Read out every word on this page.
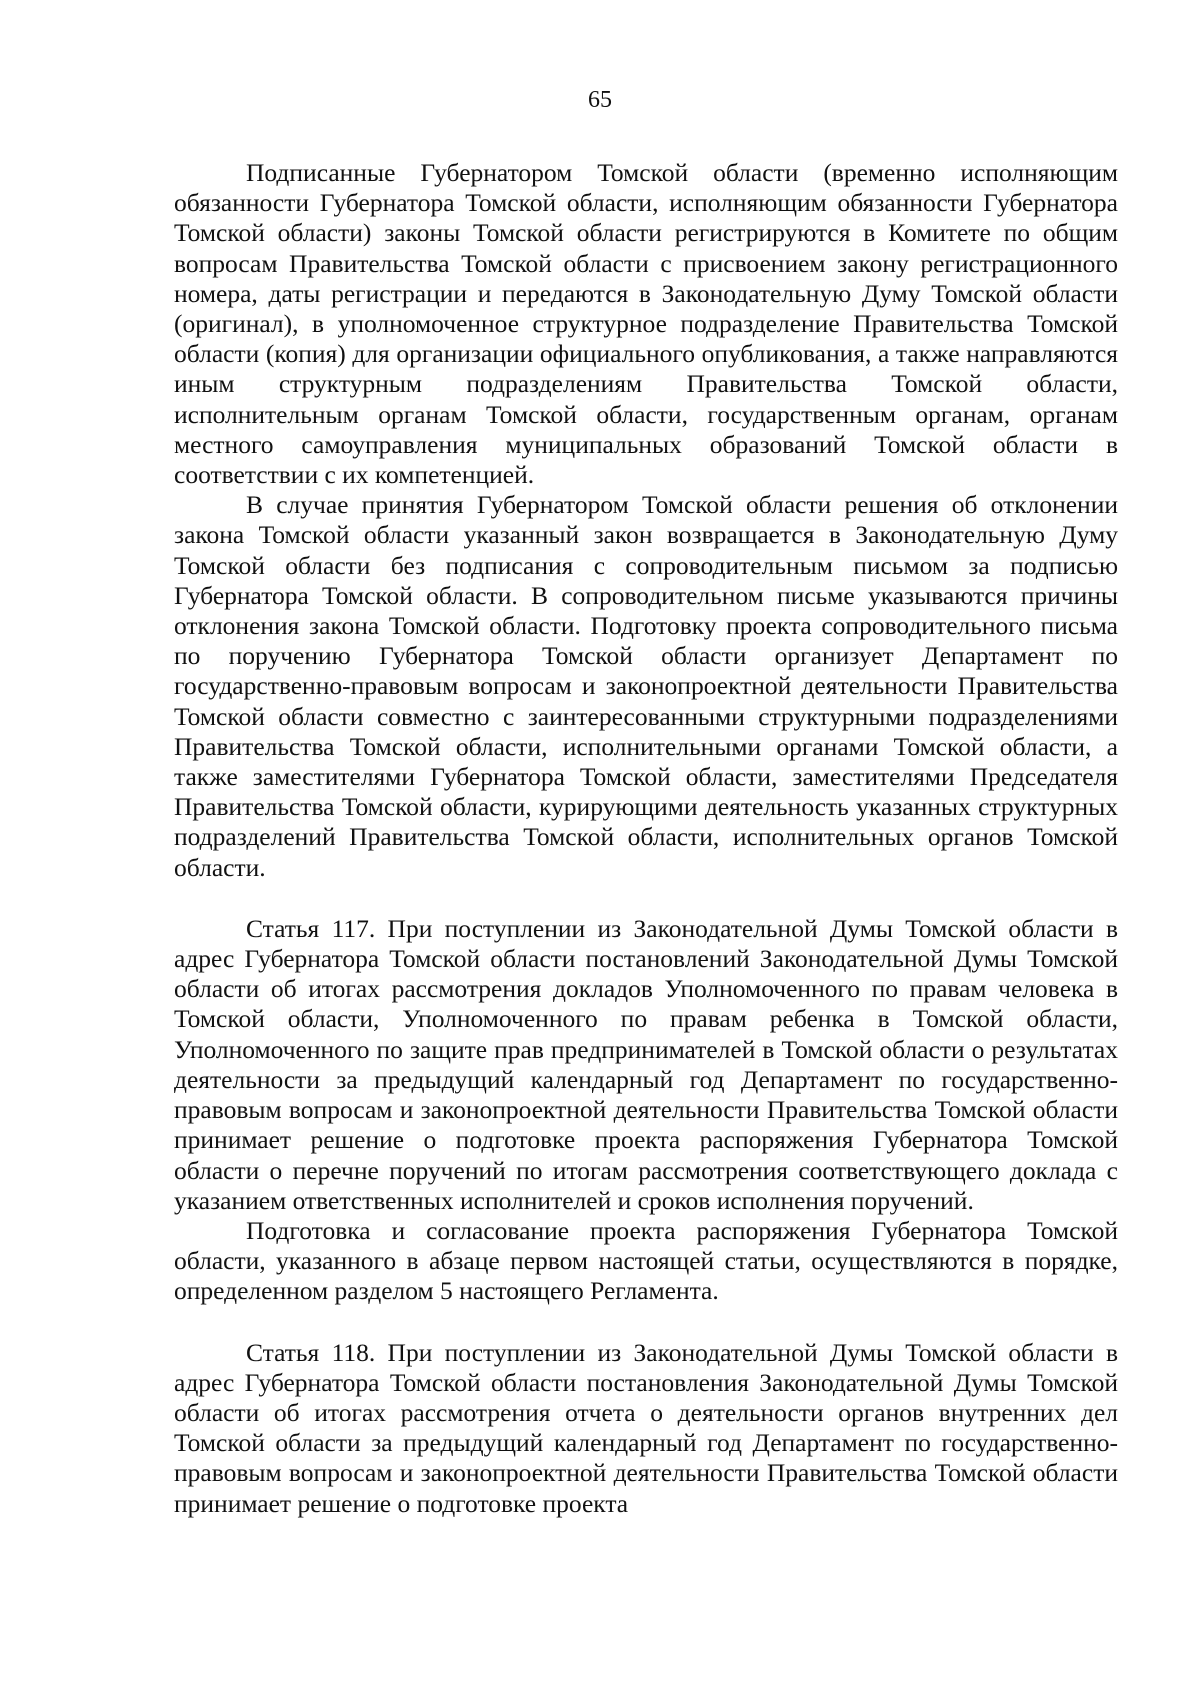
65

Подписанные Губернатором Томской области (временно исполняющим обязанности Губернатора Томской области, исполняющим обязанности Губернатора Томской области) законы Томской области регистрируются в Комитете по общим вопросам Правительства Томской области с присвоением закону регистрационного номера, даты регистрации и передаются в Законодательную Думу Томской области (оригинал), в уполномоченное структурное подразделение Правительства Томской области (копия) для организации официального опубликования, а также направляются иным структурным подразделениям Правительства Томской области, исполнительным органам Томской области, государственным органам, органам местного самоуправления муниципальных образований Томской области в соответствии с их компетенцией.

В случае принятия Губернатором Томской области решения об отклонении закона Томской области указанный закон возвращается в Законодательную Думу Томской области без подписания с сопроводительным письмом за подписью Губернатора Томской области. В сопроводительном письме указываются причины отклонения закона Томской области. Подготовку проекта сопроводительного письма по поручению Губернатора Томской области организует Департамент по государственно-правовым вопросам и законопроектной деятельности Правительства Томской области совместно с заинтересованными структурными подразделениями Правительства Томской области, исполнительными органами Томской области, а также заместителями Губернатора Томской области, заместителями Председателя Правительства Томской области, курирующими деятельность указанных структурных подразделений Правительства Томской области, исполнительных органов Томской области.

Статья 117. При поступлении из Законодательной Думы Томской области в адрес Губернатора Томской области постановлений Законодательной Думы Томской области об итогах рассмотрения докладов Уполномоченного по правам человека в Томской области, Уполномоченного по правам ребенка в Томской области, Уполномоченного по защите прав предпринимателей в Томской области о результатах деятельности за предыдущий календарный год Департамент по государственно-правовым вопросам и законопроектной деятельности Правительства Томской области принимает решение о подготовке проекта распоряжения Губернатора Томской области о перечне поручений по итогам рассмотрения соответствующего доклада с указанием ответственных исполнителей и сроков исполнения поручений.

Подготовка и согласование проекта распоряжения Губернатора Томской области, указанного в абзаце первом настоящей статьи, осуществляются в порядке, определенном разделом 5 настоящего Регламента.

Статья 118. При поступлении из Законодательной Думы Томской области в адрес Губернатора Томской области постановления Законодательной Думы Томской области об итогах рассмотрения отчета о деятельности органов внутренних дел Томской области за предыдущий календарный год Департамент по государственно-правовым вопросам и законопроектной деятельности Правительства Томской области принимает решение о подготовке проекта
